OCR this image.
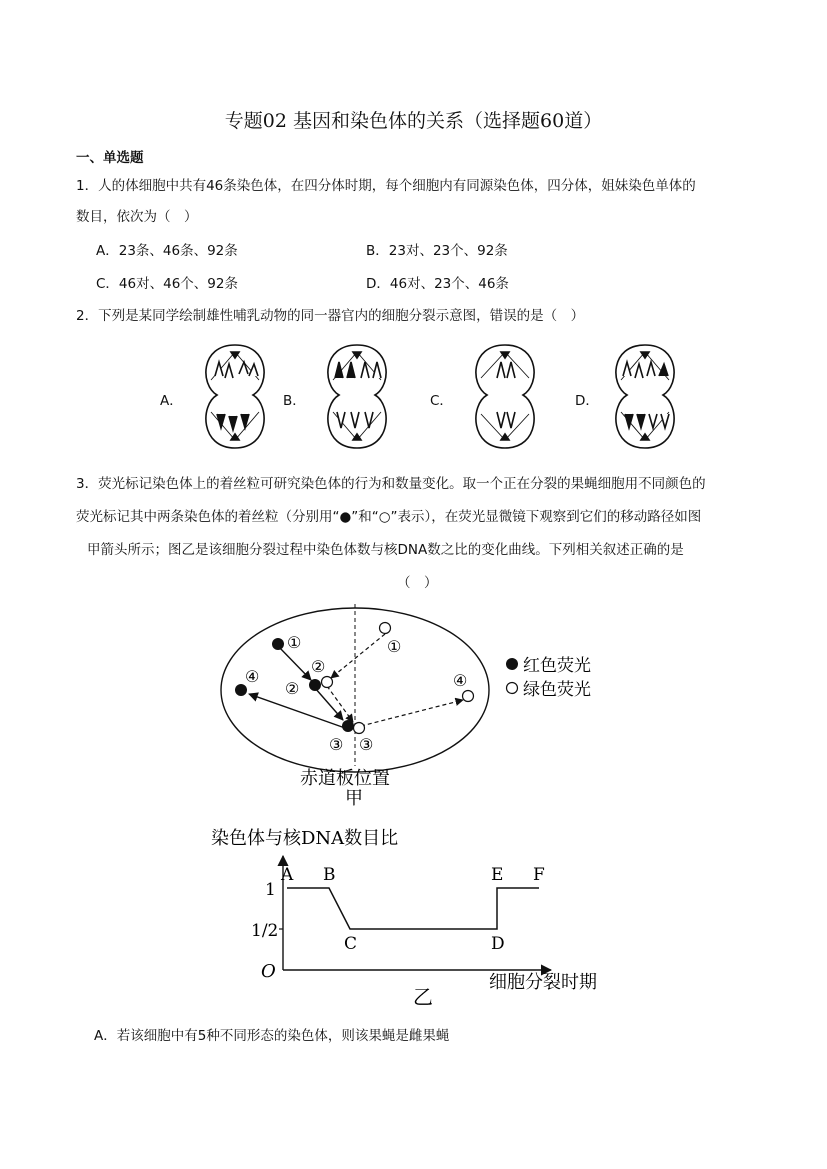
专题02 基因和染色体的关系（选择题60道）
一、单选题
1．人的体细胞中共有46条染色体，在四分体时期，每个细胞内有同源染色体，四分体，姐妹染色单体的
数目，依次为（　）
A．23条、46条、92条	B．23对、23个、92条
C．46对、46个、92条	D．46对、23个、46条
2．下列是某同学绘制雄性哺乳动物的同一器官内的细胞分裂示意图，错误的是（　）
A．	B．	C．	D．
3．荧光标记染色体上的着丝粒可研究染色体的行为和数量变化。取一个正在分裂的果蝇细胞用不同颜色的
荧光标记其中两条染色体的着丝粒（分别用“●”和“○”表示），在荧光显微镜下观察到它们的移动路径如图
甲箭头所示；图乙是该细胞分裂过程中染色体数与核DNA数之比的变化曲线。下列相关叙述正确的是
（　）
①	①
②
②
③ ③
④	④
红色荧光
绿色荧光
赤道板位置
甲
染色体与核DNA数目比
O
1
1/2
A B
C	D
E F
细胞分裂时期
乙
A．若该细胞中有5种不同形态的染色体，则该果蝇是雌果蝇
